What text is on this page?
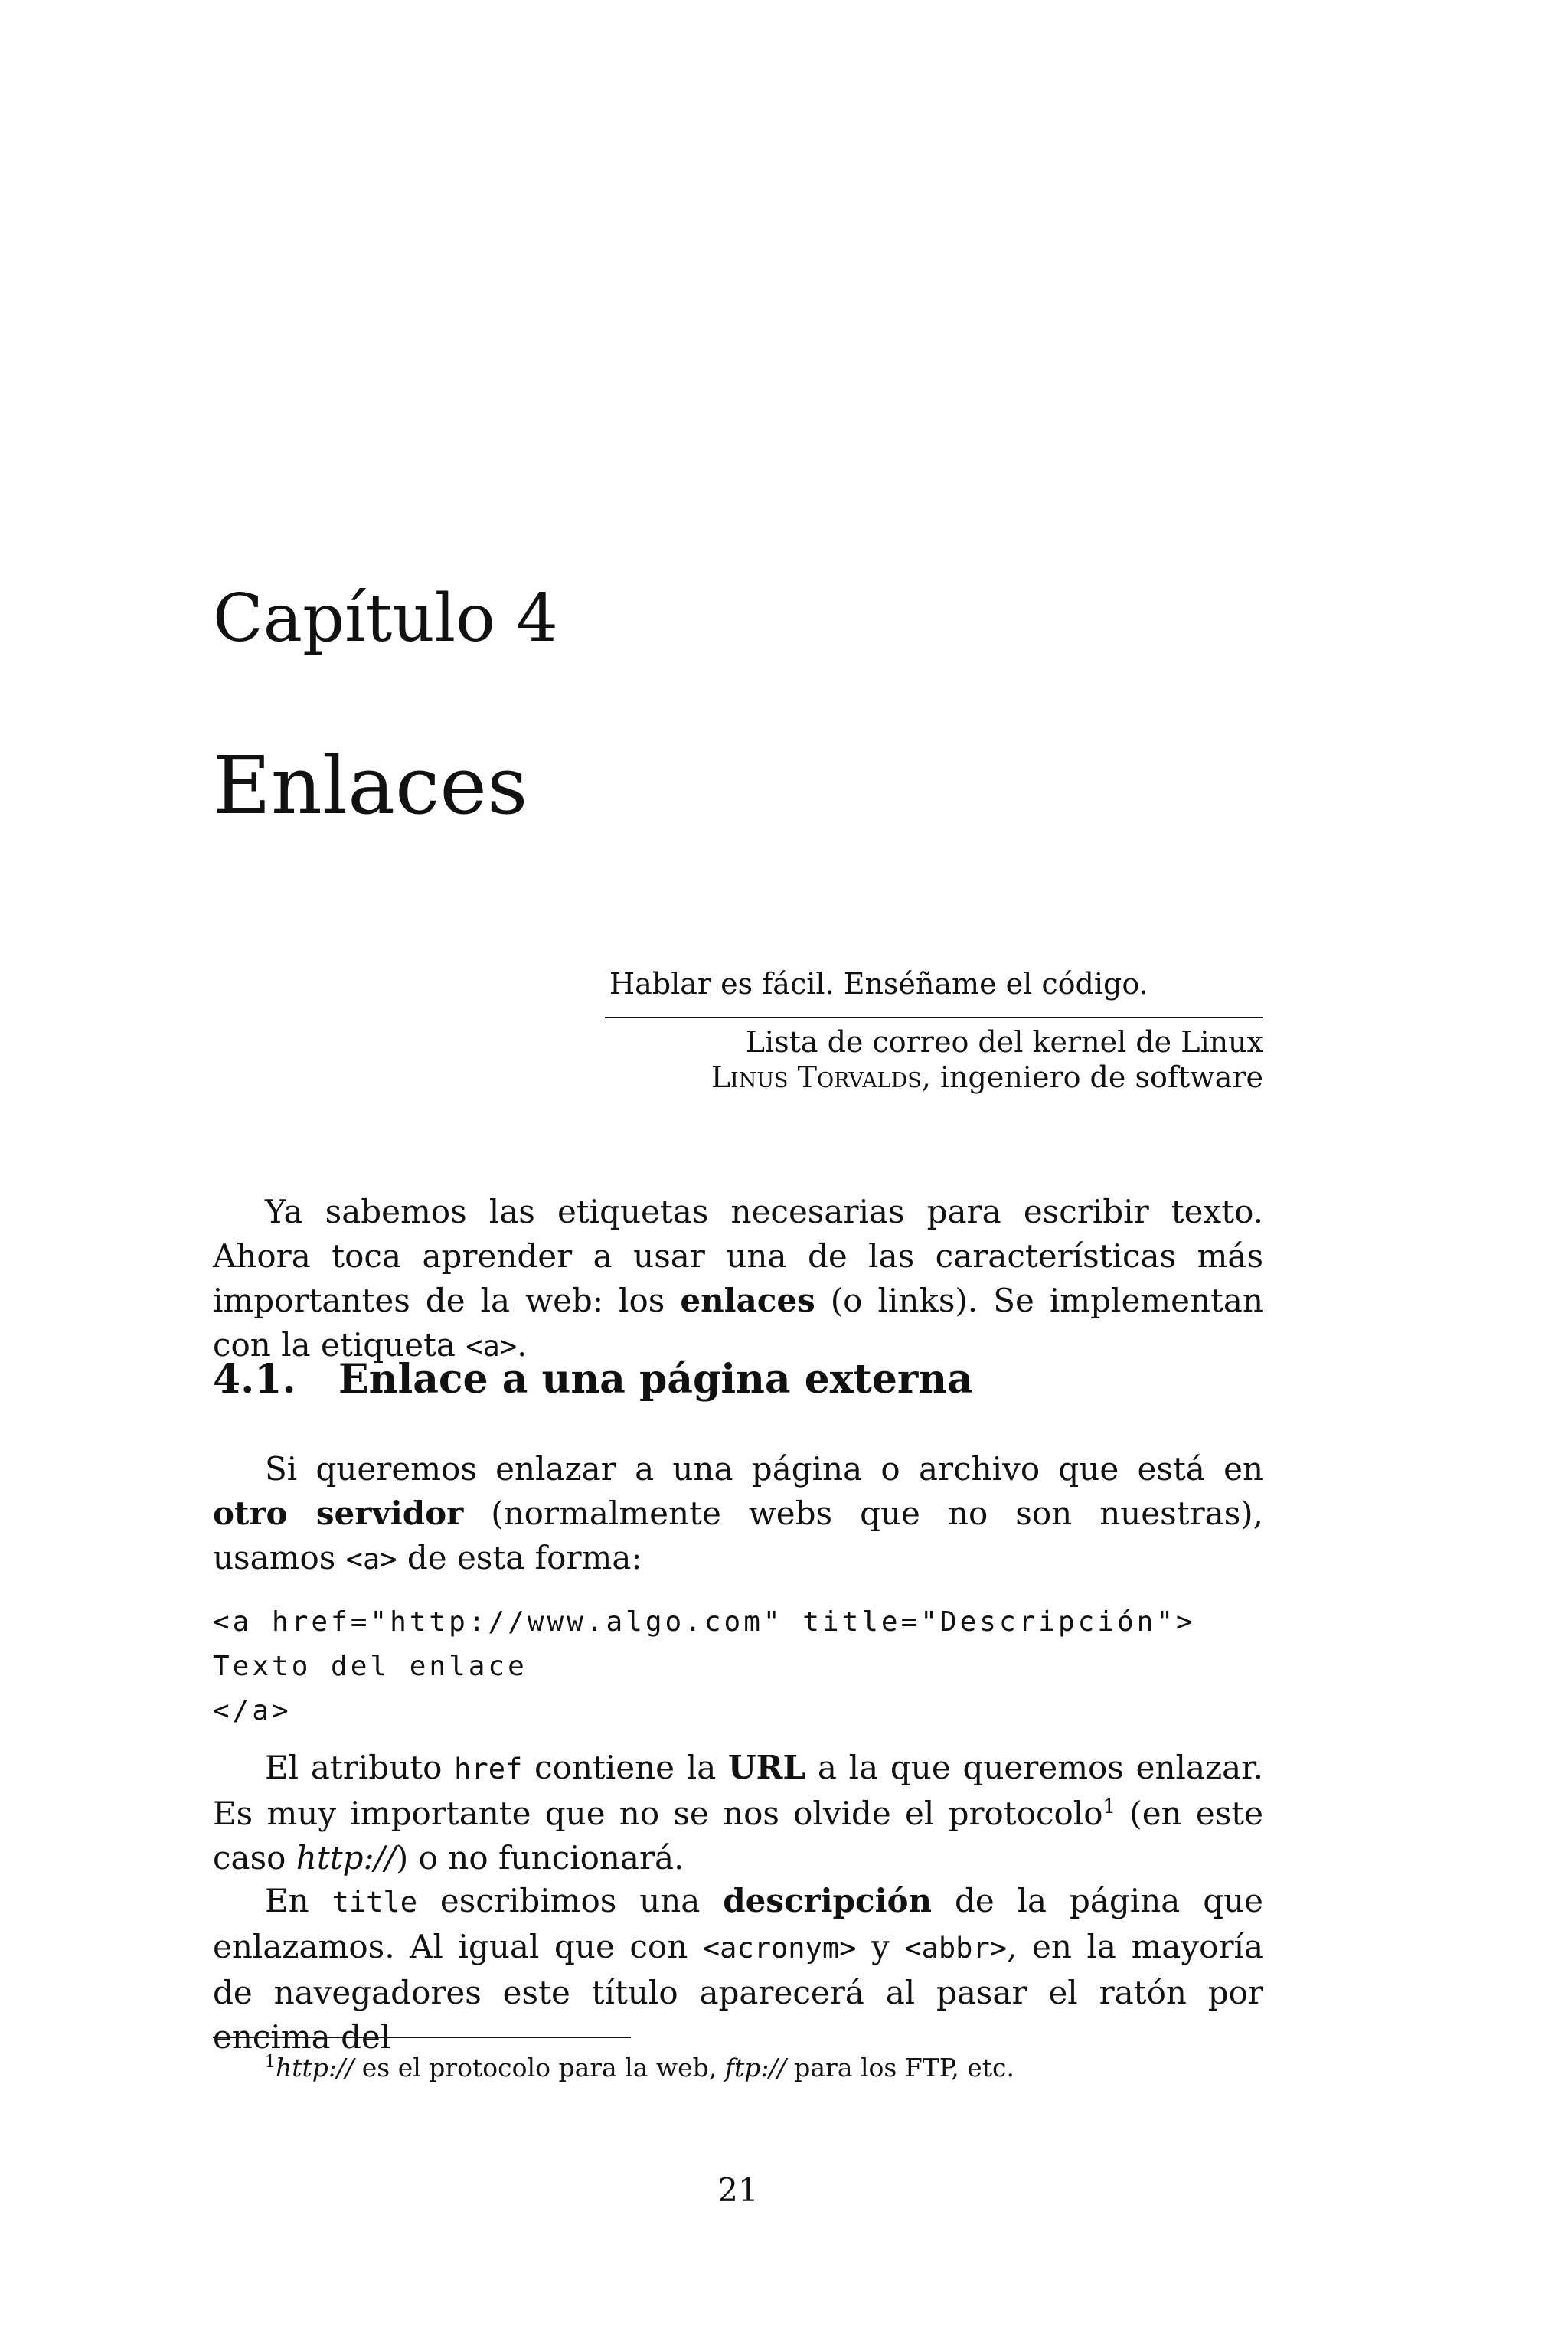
Capítulo 4
Enlaces
Hablar es fácil. Enséñame el código.
Lista de correo del kernel de Linux
Linus Torvalds, ingeniero de software

Ya sabemos las etiquetas necesarias para escribir texto. Ahora toca aprender a usar una de las características más importantes de la web: los enlaces (o links). Se implementan con la etiqueta <a>.

4.1. Enlace a una página externa

Si queremos enlazar a una página o archivo que está en otro servidor (normalmente webs que no son nuestras), usamos <a> de esta forma:

<a href="http://www.algo.com" title="Descripción">
Texto del enlace
</a>

El atributo href contiene la URL a la que queremos enlazar. Es muy importante que no se nos olvide el protocolo$^1$ (en este caso http://) o no funcionará.

En title escribimos una descripción de la página que enlazamos. Al igual que con <acronym> y <abbr>, en la mayoría de navegadores este título aparecerá al pasar el ratón por encima del

$^1$http:// es el protocolo para la web, ftp:// para los FTP, etc.

21
